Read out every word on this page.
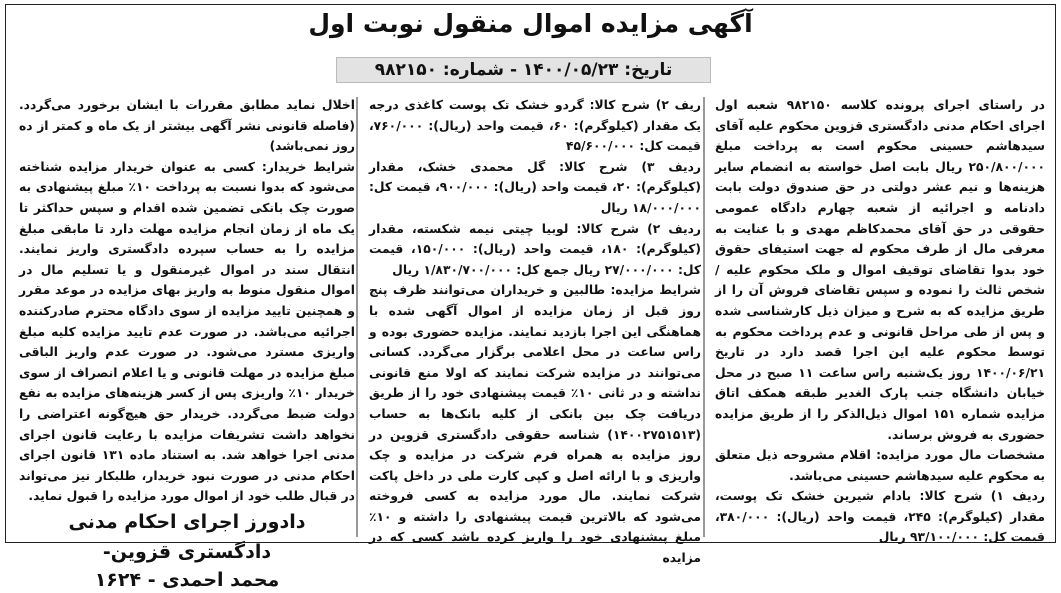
آگهی مزایده اموال منقول نوبت اول
تاریخ: ۱۴۰۰/۰۵/۲۳ - شماره: ۹۸۲۱۵۰

در راستای اجرای پرونده کلاسه ۹۸۲۱۵۰ شعبه اول اجرای احکام مدنی دادگستری قزوین محکوم علیه آقای سیدهاشم حسینی محکوم است به پرداخت مبلغ ۲۵۰/۸۰۰/۰۰۰ ریال بابت اصل خواسته به انضمام سایر هزینه‌ها و نیم عشر دولتی در حق صندوق دولت بابت دادنامه و اجرائیه از شعبه چهارم دادگاه عمومی حقوقی در حق آقای محمدکاظم مهدی و با عنایت به معرفی مال از طرف محکوم له جهت استیفای حقوق خود بدوا تقاضای توقیف اموال و ملک محکوم علیه / شخص ثالث را نموده و سپس تقاضای فروش آن را از طریق مزایده که به شرح و میزان ذیل کارشناسی شده و پس از طی مراحل قانونی و عدم پرداخت محکوم به توسط محکوم علیه این اجرا قصد دارد در تاریخ ۱۴۰۰/۰۶/۲۱ روز یک‌شنبه راس ساعت ۱۱ صبح در محل خیابان دانشگاه جنب پارک الغدیر طبقه همکف اتاق مزایده شماره ۱۵۱ اموال ذیل‌الذکر را از طریق مزایده حضوری به فروش برساند.

مشخصات مال مورد مزایده: اقلام مشروحه ذیل متعلق به محکوم علیه سیدهاشم حسینی می‌باشد.

ردیف ۱) شرح کالا: بادام شیرین خشک تک پوست، مقدار (کیلوگرم): ۲۴۵، قیمت واحد (ریال): ۳۸۰/۰۰۰، قیمت کل: ۹۳/۱۰۰/۰۰۰ ریال

ریف ۲) شرح کالا: گردو خشک تک پوست کاغذی درجه یک مقدار (کیلوگرم): ۶۰، قیمت واحد (ریال): ۷۶۰/۰۰۰، قیمت کل: ۴۵/۶۰۰/۰۰۰

ردیف ۳) شرح کالا: گل محمدی خشک، مقدار (کیلوگرم): ۲۰، قیمت واحد (ریال): ۹۰۰/۰۰۰، قیمت کل: ۱۸/۰۰۰/۰۰۰ ریال

ردیف ۲) شرح کالا: لوبیا چیتی نیمه شکسته، مقدار (کیلوگرم): ۱۸۰، قیمت واحد (ریال): ۱۵۰/۰۰۰، قیمت کل: ۲۷/۰۰۰/۰۰۰ ریال جمع کل: ۱/۸۳۰/۷۰۰/۰۰۰ ریال

شرایط مزایده: طالبین و خریداران می‌توانند ظرف پنج روز قبل از زمان مزایده از اموال آگهی شده با هماهنگی این اجرا بازدید نمایند. مزایده حضوری بوده و راس ساعت در محل اعلامی برگزار می‌گردد. کسانی می‌توانند در مزایده شرکت نمایند که اولا منع قانونی نداشته و در ثانی ۱۰٪ قیمت پیشنهادی خود را از طریق دریافت چک بین بانکی از کلیه بانک‌ها به حساب (۱۴۰۰۲۷۵۱۵۱۳) شناسه حقوقی دادگستری قزوین در روز مزایده به همراه فرم شرکت در مزایده و چک واریزی و با ارائه اصل و کپی کارت ملی در داخل پاکت شرکت نمایند. مال مورد مزایده به کسی فروخته می‌شود که بالاترین قیمت پیشنهادی را داشته و ۱۰٪ مبلغ پیشنهادی خود را واریز کرده باشد کسی که در مزایده

اخلال نماید مطابق مقررات با ایشان برخورد می‌گردد. (فاصله قانونی نشر آگهی بیشتر از یک ماه و کمتر از ده روز نمی‌باشد)

شرایط خریدار: کسی به عنوان خریدار مزایده شناخته می‌شود که بدوا نسبت به پرداخت ۱۰٪ مبلغ پیشنهادی به صورت چک بانکی تضمین شده اقدام و سپس حداکثر تا یک ماه از زمان انجام مزایده مهلت دارد تا مابقی مبلغ مزایده را به حساب سپرده دادگستری واریز نمایند. انتقال سند در اموال غیرمنقول و یا تسلیم مال در اموال منقول منوط به واریز بهای مزایده در موعد مقرر و همچنین تایید مزایده از سوی دادگاه محترم صادرکننده اجرائیه می‌باشد. در صورت عدم تایید مزایده کلیه مبلغ واریزی مسترد می‌شود. در صورت عدم واریز الباقی مبلغ مزایده در مهلت قانونی و یا اعلام انصراف از سوی خریدار ۱۰٪ واریزی پس از کسر هزینه‌های مزایده به نفع دولت ضبط می‌گردد. خریدار حق هیچ‌گونه اعتراضی را نخواهد داشت تشریفات مزایده با رعایت قانون اجرای مدنی اجرا خواهد شد. به استناد ماده ۱۳۱ قانون اجرای احکام مدنی در صورت نبود خریدار، طلبکار نیز می‌تواند در قبال طلب خود از اموال مورد مزایده را قبول نماید.

دادورز اجرای احکام مدنی دادگستری قزوین-

محمد احمدی - ۱۶۲۴
